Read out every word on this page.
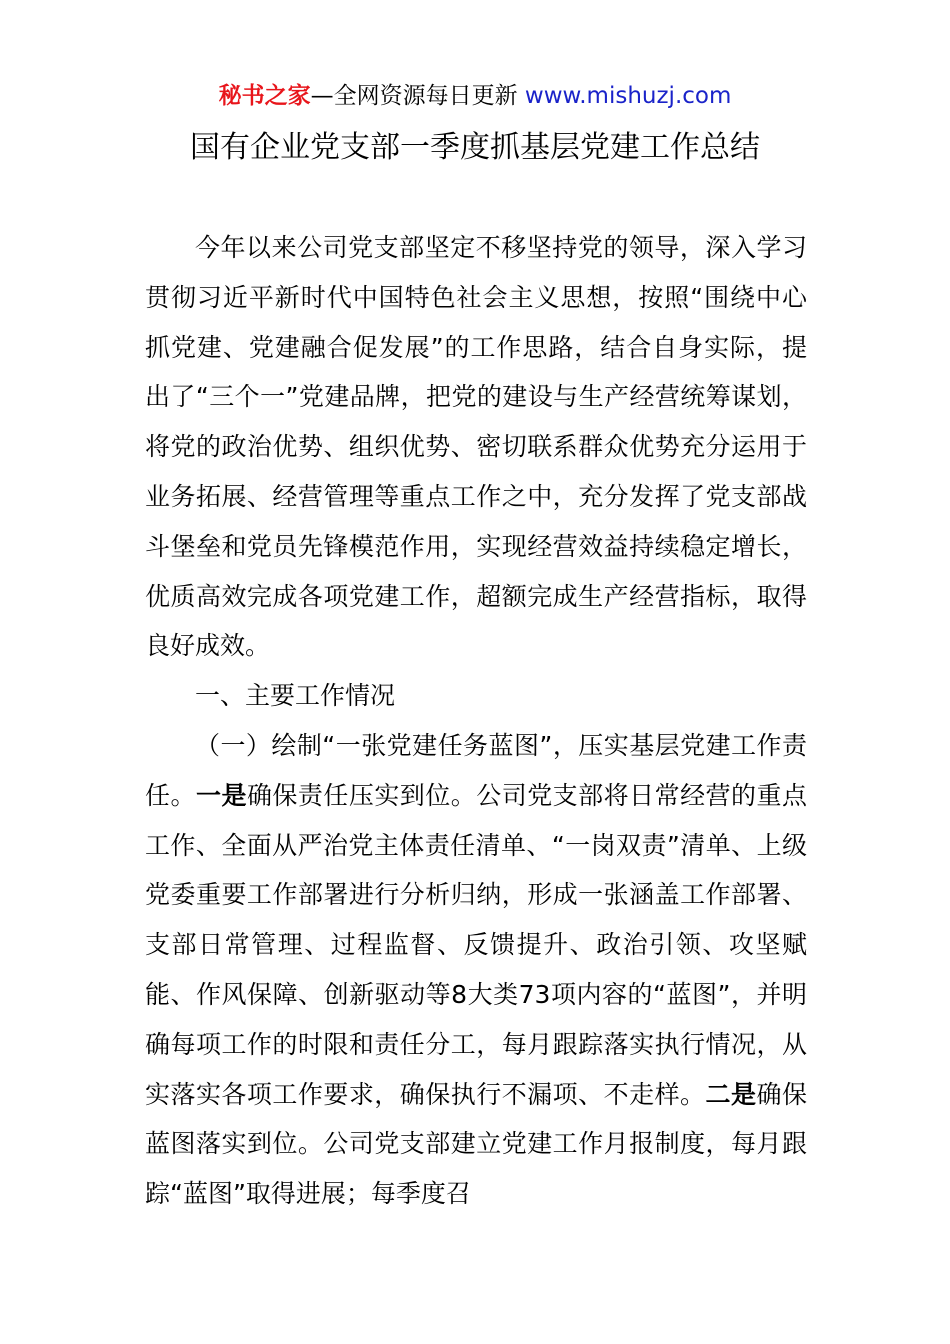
秘书之家—全网资源每日更新 www.mishuzj.com
国有企业党支部一季度抓基层党建工作总结

今年以来公司党支部坚定不移坚持党的领导，深入学习贯彻习近平新时代中国特色社会主义思想，按照“围绕中心抓党建、党建融合促发展”的工作思路，结合自身实际，提出了“三个一”党建品牌，把党的建设与生产经营统筹谋划，将党的政治优势、组织优势、密切联系群众优势充分运用于业务拓展、经营管理等重点工作之中，充分发挥了党支部战斗堡垒和党员先锋模范作用，实现经营效益持续稳定增长，优质高效完成各项党建工作，超额完成生产经营指标，取得良好成效。

一、主要工作情况

（一）绘制“一张党建任务蓝图”，压实基层党建工作责任。一是确保责任压实到位。公司党支部将日常经营的重点工作、全面从严治党主体责任清单、“一岗双责”清单、上级党委重要工作部署进行分析归纳，形成一张涵盖工作部署、支部日常管理、过程监督、反馈提升、政治引领、攻坚赋能、作风保障、创新驱动等8大类73项内容的“蓝图”，并明确每项工作的时限和责任分工，每月跟踪落实执行情况，从实落实各项工作要求，确保执行不漏项、不走样。二是确保蓝图落实到位。公司党支部建立党建工作月报制度，每月跟踪“蓝图”取得进展；每季度召
